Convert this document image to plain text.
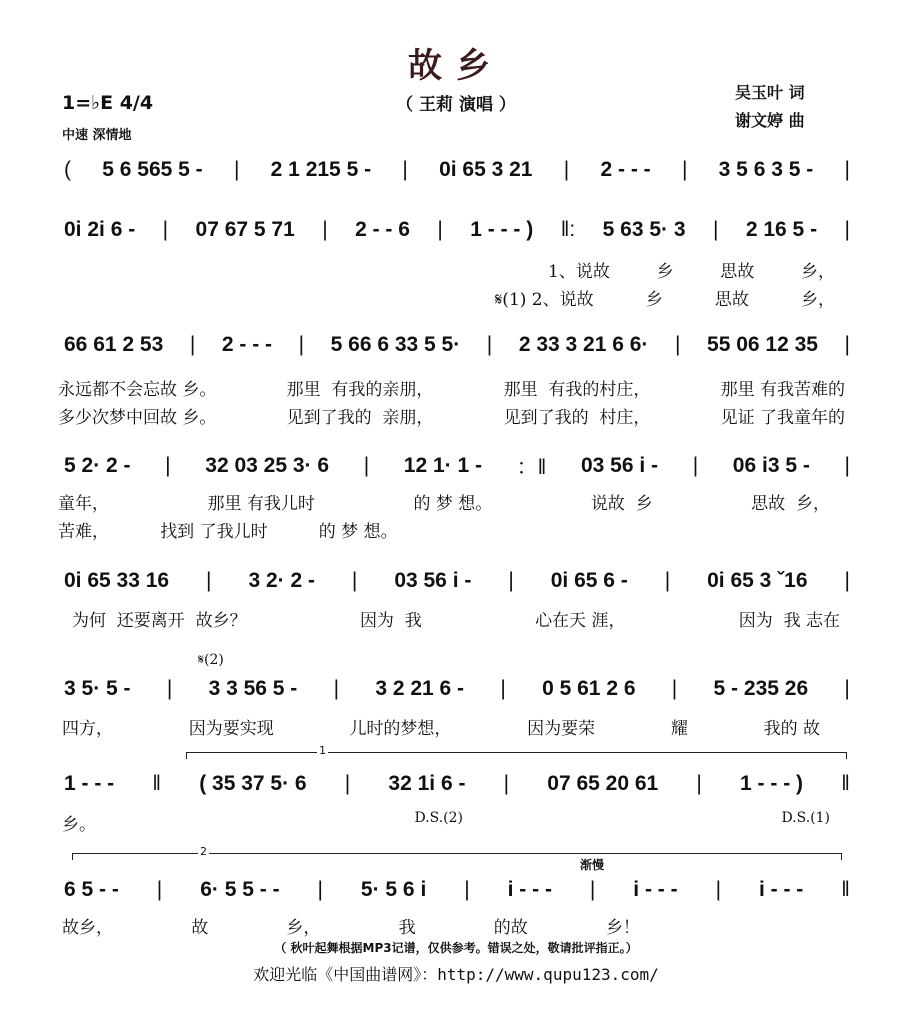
故乡
（ 王莉 演唱 ）
1=♭E 4/4
中速 深情地
吴玉叶 词
谢文婷 曲
( 5 6 565 5 - | 2 1 215 5 - | 0i 65 3 21 | 2 - - - | 3 5 6 3 5 - |
0i 2i 6 - | 07 67 5 71 | 2 - - 6 | 1 - - - ) ‖: 5 63 5· 3 | 2 16 5 - |
1、说故	乡	思故	乡，
𝄋(1) 2、说故	乡	思故	乡，
66 61 2 53 | 2 - - - | 5 66 6 33 5 5· | 2 33 3 21 6 6· | 55 06 12 35 |
永远都不会忘故 乡。	那里  有我的亲朋，	那里  有我的村庄，	那里 有我苦难的
多少次梦中回故 乡。	见到了我的  亲朋，	见到了我的  村庄，	见证 了我童年的
5 2· 2 - | 32 03 25 3· 6 | 12 1· 1 - ：‖ 03 56 i - | 06 i3 5 - |
童年，	那里 有我儿时	的 梦 想。	说故  乡	思故  乡，
苦难，	找到 了我儿时	的 梦 想。
0i 65 33 16 | 3 2· 2 - | 03 56 i - | 0i 65 6 - | 0i 65 3 ˇ16 |
为何  还要离开  故乡？	因为  我	心在天 涯，	因为  我 志在
3 5· 5 - | 3 3 56 5 - | 3 2 21 6 - | 0 5 61 2 6 | 5 - 235 26 |
四方，	因为要实现	儿时的梦想，	因为要荣	耀	我的 故
𝄋(2)
1 - - - ‖ ( 35 37 5· 6 | 32 1i 6 - | 07 65 20 61 | 1 - - - ) ‖
乡。	D.S.(2)	D.S.(1)
1
6 5 - - | 6· 5 5 - - | 5· 5 6 i | i - - - | i - - - | i - - - ‖
故乡，	故	乡，	我	的故	乡！
2
渐慢
（ 秋叶起舞根据MP3记谱，仅供参考。错误之处，敬请批评指正。）
欢迎光临《中国曲谱网》：http://www.qupu123.com/
